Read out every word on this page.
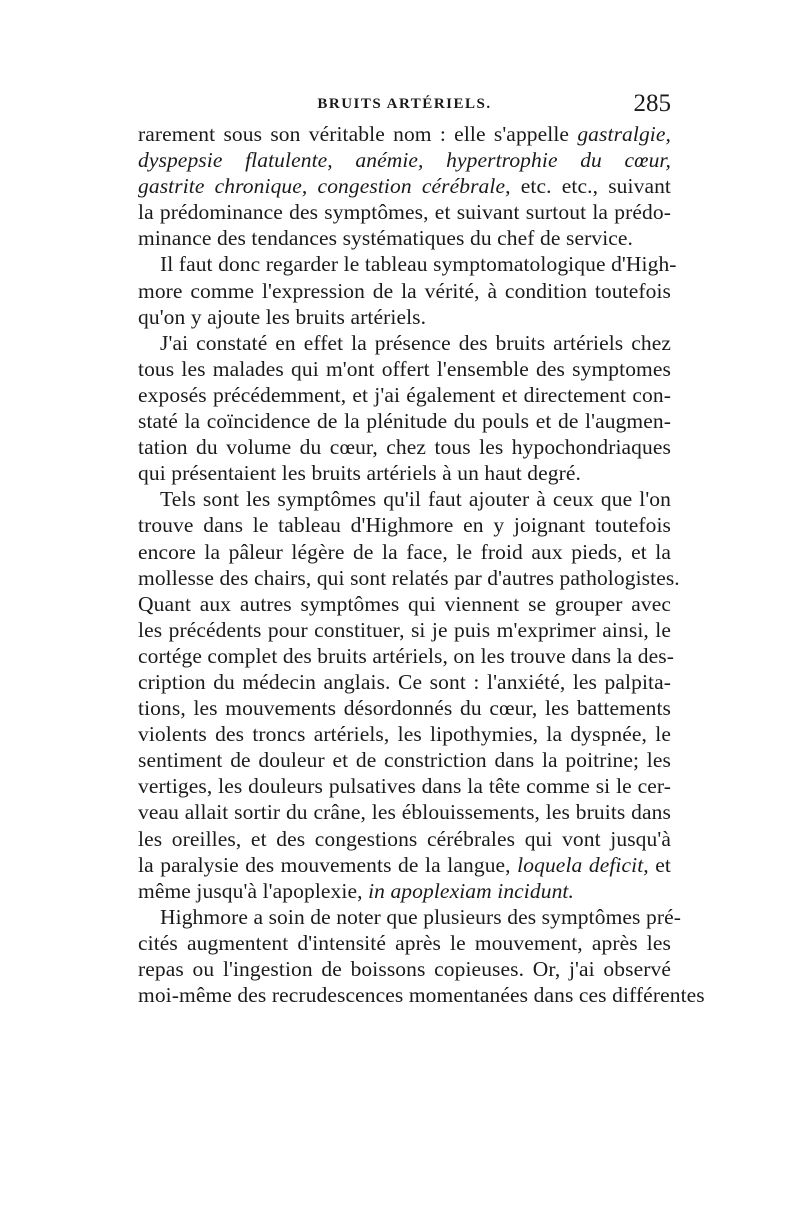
BRUITS ARTÉRIELS.	285
rarement sous son véritable nom : elle s'appelle gastralgie,
dyspepsie flatulente, anémie, hypertrophie du cœur,
gastrite chronique, congestion cérébrale, etc. etc., suivant
la prédominance des symptômes, et suivant surtout la prédo-
minance des tendances systématiques du chef de service.
Il faut donc regarder le tableau symptomatologique d'High-
more comme l'expression de la vérité, à condition toutefois
qu'on y ajoute les bruits artériels.
J'ai constaté en effet la présence des bruits artériels chez
tous les malades qui m'ont offert l'ensemble des symptomes
exposés précédemment, et j'ai également et directement con-
staté la coïncidence de la plénitude du pouls et de l'augmen-
tation du volume du cœur, chez tous les hypochondriaques
qui présentaient les bruits artériels à un haut degré.
Tels sont les symptômes qu'il faut ajouter à ceux que l'on
trouve dans le tableau d'Highmore en y joignant toutefois
encore la pâleur légère de la face, le froid aux pieds, et la
mollesse des chairs, qui sont relatés par d'autres pathologistes.
Quant aux autres symptômes qui viennent se grouper avec
les précédents pour constituer, si je puis m'exprimer ainsi, le
cortége complet des bruits artériels, on les trouve dans la des-
cription du médecin anglais. Ce sont : l'anxiété, les palpita-
tions, les mouvements désordonnés du cœur, les battements
violents des troncs artériels, les lipothymies, la dyspnée, le
sentiment de douleur et de constriction dans la poitrine; les
vertiges, les douleurs pulsatives dans la tête comme si le cer-
veau allait sortir du crâne, les éblouissements, les bruits dans
les oreilles, et des congestions cérébrales qui vont jusqu'à
la paralysie des mouvements de la langue, loquela deficit, et
même jusqu'à l'apoplexie, in apoplexiam incidunt.
Highmore a soin de noter que plusieurs des symptômes pré-
cités augmentent d'intensité après le mouvement, après les
repas ou l'ingestion de boissons copieuses. Or, j'ai observé
moi-même des recrudescences momentanées dans ces différentes
